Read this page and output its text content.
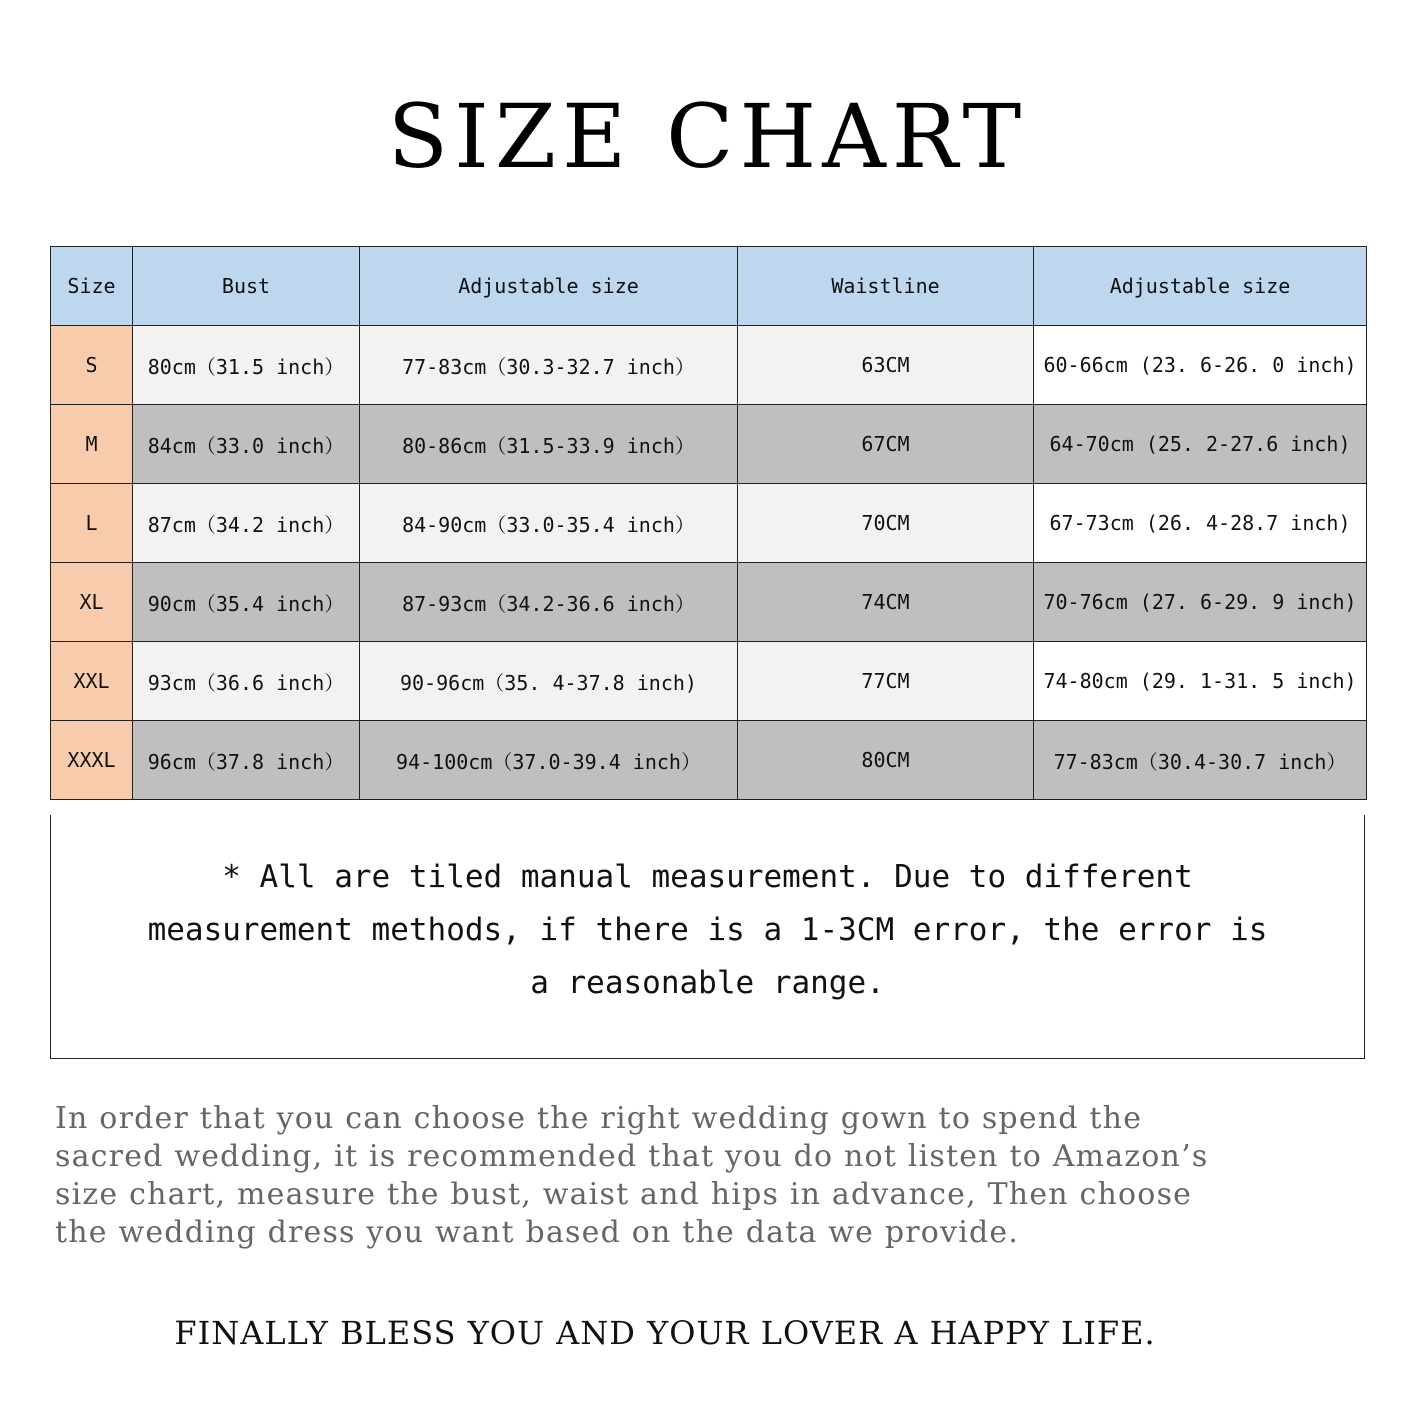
SIZE CHART
Size	Bust	Adjustable size	Waistline	Adjustable size
S	80cm（31.5 inch）	77-83cm（30.3-32.7 inch）	63CM	60-66cm (23. 6-26. 0 inch)
M	84cm（33.0 inch）	80-86cm（31.5-33.9 inch）	67CM	64-70cm (25. 2-27.6 inch)
L	87cm（34.2 inch）	84-90cm（33.0-35.4 inch）	70CM	67-73cm (26. 4-28.7 inch)
XL	90cm（35.4 inch）	87-93cm（34.2-36.6 inch）	74CM	70-76cm (27. 6-29. 9 inch)
XXL	93cm（36.6 inch）	90-96cm（35. 4-37.8 inch)	77CM	74-80cm (29. 1-31. 5 inch)
XXXL	96cm（37.8 inch）	94-100cm（37.0-39.4 inch）	80CM	77-83cm（30.4-30.7 inch）
* All are tiled manual measurement. Due to different
measurement methods, if there is a 1-3CM error, the error is
a reasonable range.
In order that you can choose the right wedding gown to spend the
sacred wedding, it is recommended that you do not listen to Amazon’s
size chart, measure the bust, waist and hips in advance, Then choose
the wedding dress you want based on the data we provide.
FINALLY BLESS YOU AND YOUR LOVER A HAPPY LIFE.
